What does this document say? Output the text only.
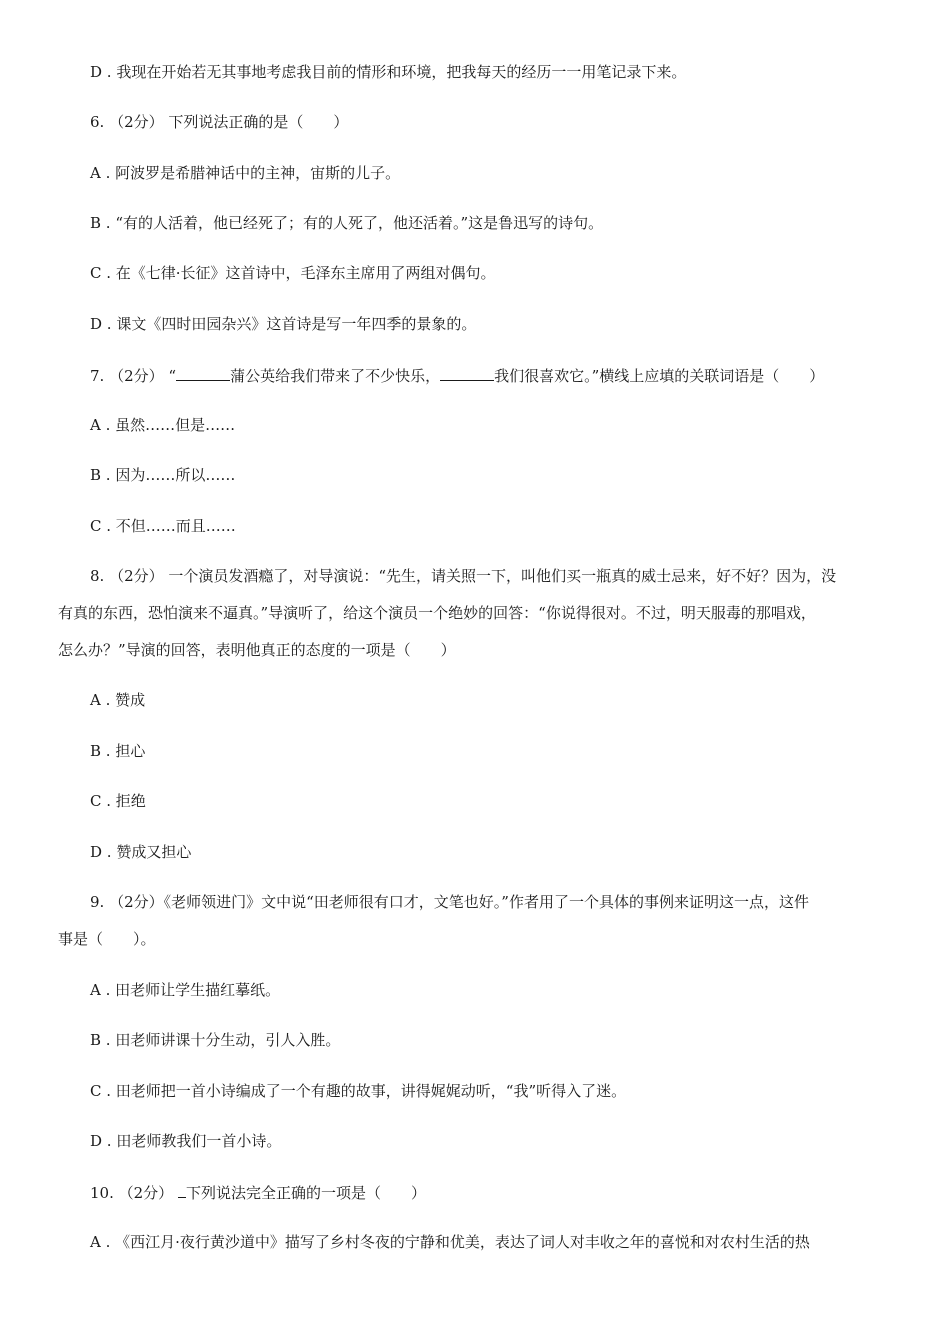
D . 我现在开始若无其事地考虑我目前的情形和环境，把我每天的经历一一用笔记录下来。
6. （2分） 下列说法正确的是（　　）
A . 阿波罗是希腊神话中的主神，宙斯的儿子。
B . “有的人活着，他已经死了；有的人死了，他还活着。”这是鲁迅写的诗句。
C . 在《七律·长征》这首诗中，毛泽东主席用了两组对偶句。
D . 课文《四时田园杂兴》这首诗是写一年四季的景象的。
7. （2分） “	蒲公英给我们带来了不少快乐，	我们很喜欢它。”横线上应填的关联词语是（　　）
A . 虽然……但是……
B . 因为……所以……
C . 不但……而且……
8. （2分） 一个演员发酒瘾了，对导演说：“先生，请关照一下，叫他们买一瓶真的威士忌来，好不好？因为，没
有真的东西，恐怕演来不逼真。”导演听了，给这个演员一个绝妙的回答：“你说得很对。不过，明天服毒的那唱戏，
怎么办？”导演的回答，表明他真正的态度的一项是（　　）
A . 赞成
B . 担心
C . 拒绝
D . 赞成又担心
9. （2分）《老师领进门》文中说“田老师很有口才，文笔也好。”作者用了一个具体的事例来证明这一点，这件
事是（　　）。
A . 田老师让学生描红摹纸。
B . 田老师讲课十分生动，引人入胜。
C . 田老师把一首小诗编成了一个有趣的故事，讲得娓娓动听，“我”听得入了迷。
D . 田老师教我们一首小诗。
10. （2分） 下列说法完全正确的一项是（　　）
A . 《西江月·夜行黄沙道中》描写了乡村冬夜的宁静和优美，表达了词人对丰收之年的喜悦和对农村生活的热
